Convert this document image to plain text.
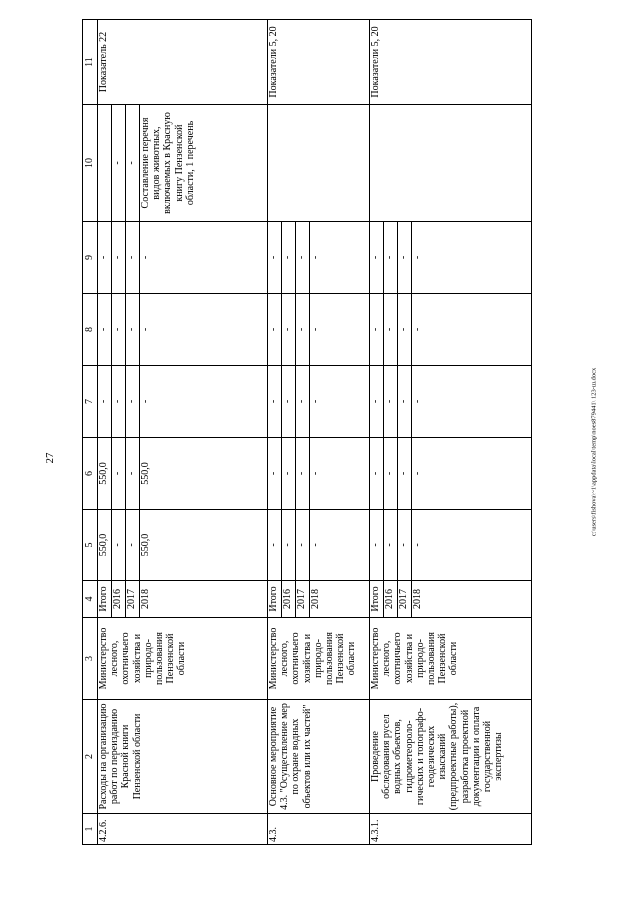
27
1	2	3	4	5	6	7	8	9	10	11
4.2.6.	Расходы на организацию работ по переизданию Красной книги Пензенской области	Министерство лесного, охотничьего хозяйства и природо-пользования Пензенской области	Итого	550,0	550,0	-	-	-		Показатель 22
			2016	-	-	-	-	-	-	
			2017	-	-	-	-	-	-	
			2018	550,0	550,0	-	-	-	Составление перечня видов животных, включаемых в Красную книгу Пензенской области, 1 перечень	
4.3.	Основное мероприятие 4.3. "Осуществление мер по охране водных объектов или их частей"	Министерство лесного, охотничьего хозяйства и природо-пользования Пензенской области	Итого	-	-	-	-	-		Показатели 5, 20
			2016	-	-	-	-	-		
			2017	-	-	-	-	-		
			2018	-	-	-	-	-		
4.3.1.	Проведение обследования русел водных объектов, гидрометеороло-гических и топографо-геодезических изысканий (предпроектные работы), разработка проектной документации и оплата государственной экспертизы	Министерство лесного, охотничьего хозяйства и природо-пользования Пензенской области	Итого	-	-	-	-	-		Показатели 5, 20
			2016	-	-	-	-	-		
			2017	-	-	-	-	-		
			2018	-	-	-	-	-		
c:\users\fishova\~1\appdata\local\temp\noes879441\ 123-ш.docx
